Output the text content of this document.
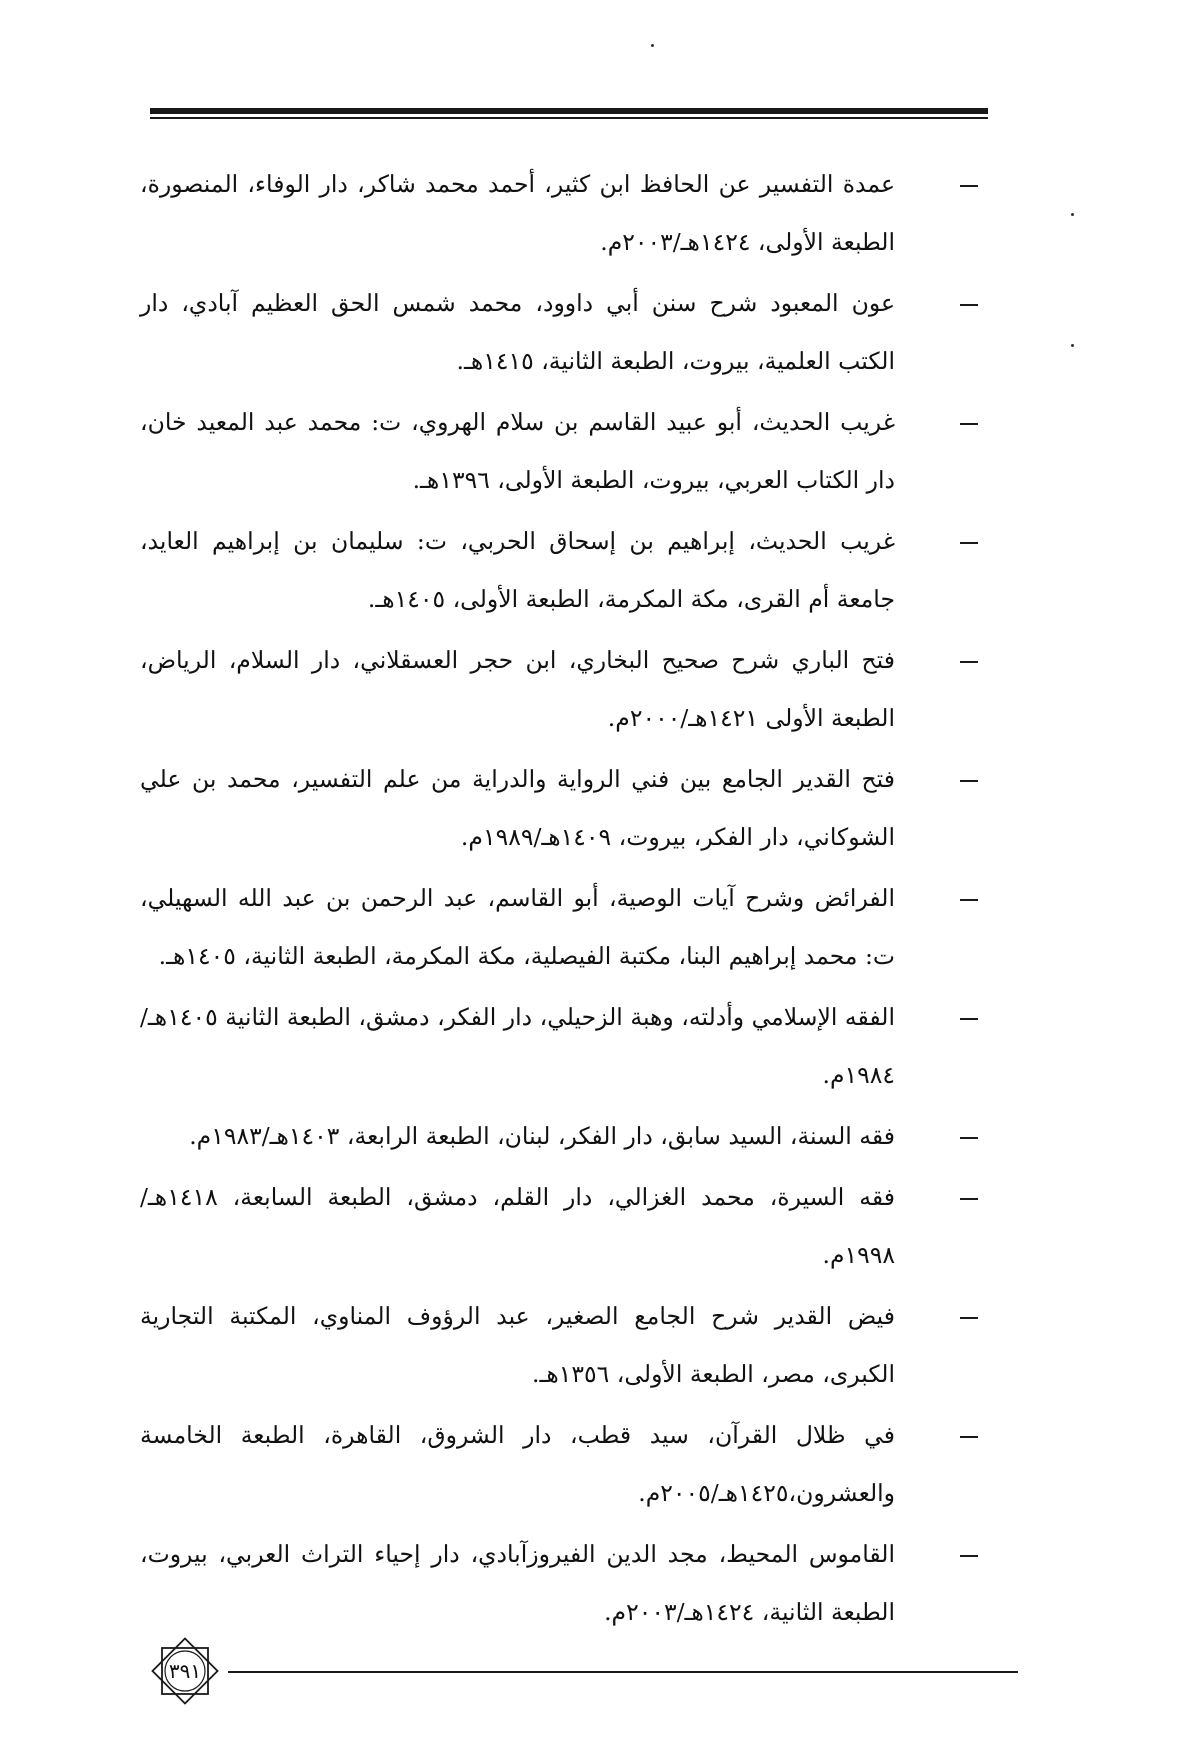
عمدة التفسير عن الحافظ ابن كثير، أحمد محمد شاكر، دار الوفاء، المنصورة، الطبعة الأولى، ١٤٢٤هـ/٢٠٠٣م.
عون المعبود شرح سنن أبي داوود، محمد شمس الحق العظيم آبادي، دار الكتب العلمية، بيروت، الطبعة الثانية، ١٤١٥هـ.
غريب الحديث، أبو عبيد القاسم بن سلام الهروي، ت: محمد عبد المعيد خان، دار الكتاب العربي، بيروت، الطبعة الأولى، ١٣٩٦هـ.
غريب الحديث، إبراهيم بن إسحاق الحربي، ت: سليمان بن إبراهيم العايد، جامعة أم القرى، مكة المكرمة، الطبعة الأولى، ١٤٠٥هـ.
فتح الباري شرح صحيح البخاري، ابن حجر العسقلاني، دار السلام، الرياض، الطبعة الأولى ١٤٢١هـ/٢٠٠٠م.
فتح القدير الجامع بين فني الرواية والدراية من علم التفسير، محمد بن علي الشوكاني، دار الفكر، بيروت، ١٤٠٩هـ/١٩٨٩م.
الفرائض وشرح آيات الوصية، أبو القاسم، عبد الرحمن بن عبد الله السهيلي، ت: محمد إبراهيم البنا، مكتبة الفيصلية، مكة المكرمة، الطبعة الثانية، ١٤٠٥هـ.
الفقه الإسلامي وأدلته، وهبة الزحيلي، دار الفكر، دمشق، الطبعة الثانية ١٤٠٥هـ/١٩٨٤م.
فقه السنة، السيد سابق، دار الفكر، لبنان، الطبعة الرابعة، ١٤٠٣هـ/١٩٨٣م.
فقه السيرة، محمد الغزالي، دار القلم، دمشق، الطبعة السابعة، ١٤١٨هـ/١٩٩٨م.
فيض القدير شرح الجامع الصغير، عبد الرؤوف المناوي، المكتبة التجارية الكبرى، مصر، الطبعة الأولى، ١٣٥٦هـ.
في ظلال القرآن، سيد قطب، دار الشروق، القاهرة، الطبعة الخامسة والعشرون،١٤٢٥هـ/٢٠٠٥م.
القاموس المحيط، مجد الدين الفيروزآبادي، دار إحياء التراث العربي، بيروت، الطبعة الثانية، ١٤٢٤هـ/٢٠٠٣م.
٣٩١
